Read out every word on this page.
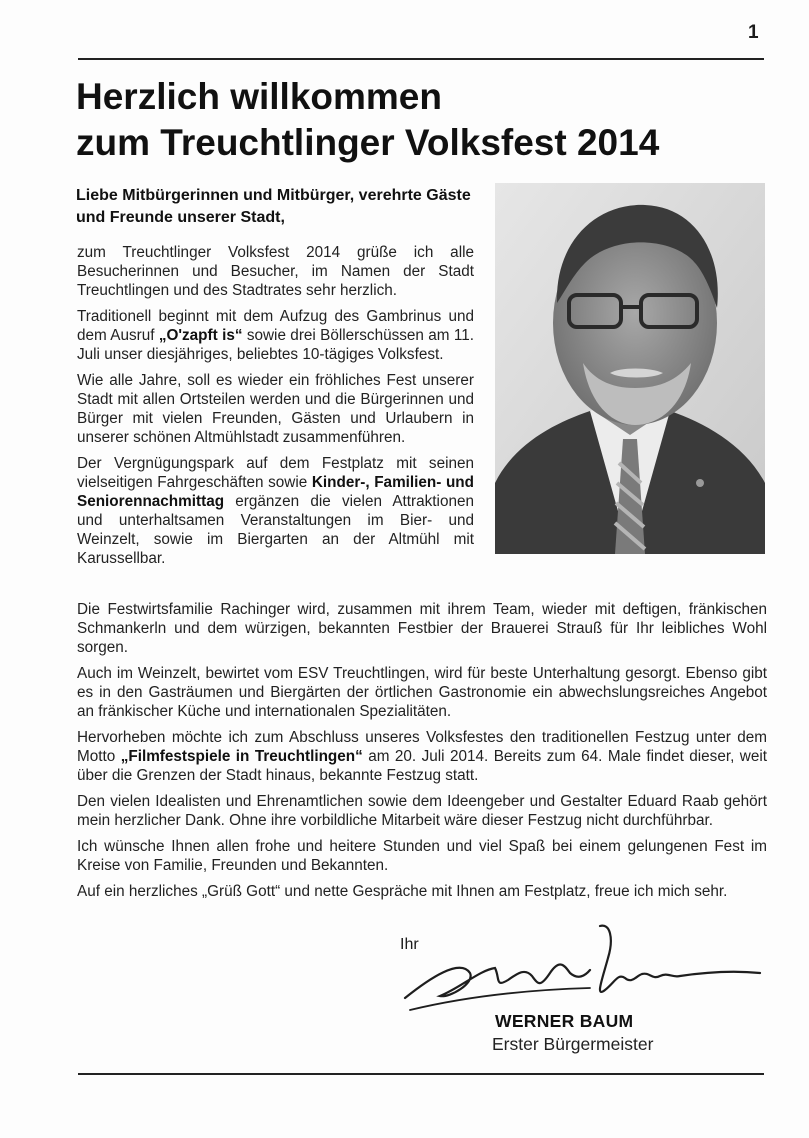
1
Herzlich willkommen
zum Treuchtlinger Volksfest 2014

Liebe Mitbürgerinnen und Mitbürger, verehrte Gäste und Freunde unserer Stadt,

zum Treuchtlinger Volksfest 2014 grüße ich alle Besucherinnen und Besucher, im Namen der Stadt Treuchtlingen und des Stadtrates sehr herzlich.

Traditionell beginnt mit dem Aufzug des Gambrinus und dem Ausruf „O'zapft is“ sowie drei Böllerschüssen am 11. Juli unser diesjähriges, beliebtes 10-tägiges Volksfest.

Wie alle Jahre, soll es wieder ein fröhliches Fest unserer Stadt mit allen Ortsteilen werden und die Bürgerinnen und Bürger mit vielen Freunden, Gästen und Urlaubern in unserer schönen Altmühlstadt zusammenführen.

Der Vergnügungspark auf dem Festplatz mit seinen vielseitigen Fahrgeschäften sowie Kinder-, Familien- und Seniorennachmittag ergänzen die vielen Attraktionen und unterhaltsamen Veranstaltungen im Bier- und Weinzelt, sowie im Biergarten an der Altmühl mit Karussellbar.

Die Festwirtsfamilie Rachinger wird, zusammen mit ihrem Team, wieder mit deftigen, fränkischen Schmankerln und dem würzigen, bekannten Festbier der Brauerei Strauß für Ihr leibliches Wohl sorgen.

Auch im Weinzelt, bewirtet vom ESV Treuchtlingen, wird für beste Unterhaltung gesorgt. Ebenso gibt es in den Gasträumen und Biergärten der örtlichen Gastronomie ein abwechslungsreiches Angebot an fränkischer Küche und internationalen Spezialitäten.

Hervorheben möchte ich zum Abschluss unseres Volksfestes den traditionellen Festzug unter dem Motto „Filmfestspiele in Treuchtlingen“ am 20. Juli 2014. Bereits zum 64. Male findet dieser, weit über die Grenzen der Stadt hinaus, bekannte Festzug statt.

Den vielen Idealisten und Ehrenamtlichen sowie dem Ideengeber und Gestalter Eduard Raab gehört mein herzlicher Dank. Ohne ihre vorbildliche Mitarbeit wäre dieser Festzug nicht durchführbar.

Ich wünsche Ihnen allen frohe und heitere Stunden und viel Spaß bei einem gelungenen Fest im Kreise von Familie, Freunden und Bekannten.

Auf ein herzliches „Grüß Gott“ und nette Gespräche mit Ihnen am Festplatz, freue ich mich sehr.

Ihr
WERNER BAUM
Erster Bürgermeister
